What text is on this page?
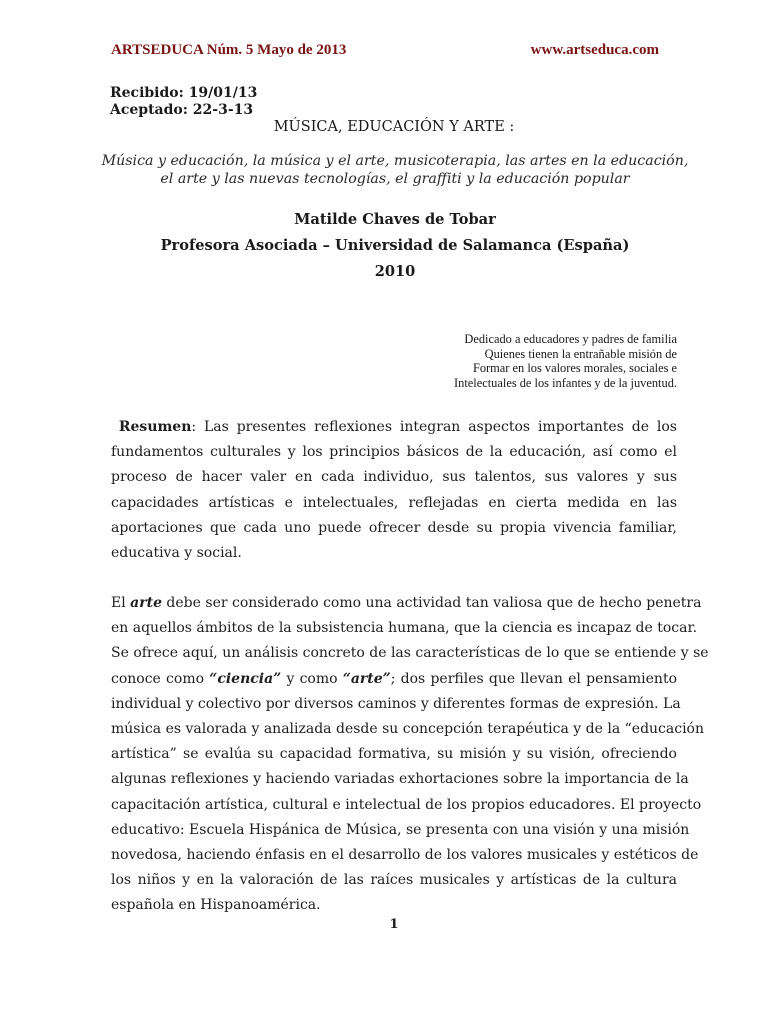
ARTSEDUCA Núm. 5 Mayo de 2013	www.artseduca.com
Recibido: 19/01/13
Aceptado: 22-3-13
MÚSICA, EDUCACIÓN Y ARTE :
Música y educación, la música y el arte, musicoterapia, las artes en la educación,
el arte y las nuevas tecnologías, el graffiti y la educación popular
Matilde Chaves de Tobar
Profesora Asociada – Universidad de Salamanca (España)
2010
Dedicado a educadores y padres de familia
Quienes tienen la entrañable misión de
Formar en los valores morales, sociales e
Intelectuales de los infantes y de la juventud.
Resumen: Las presentes reflexiones integran aspectos importantes de los
fundamentos culturales y los principios básicos de la educación, así como el
proceso de hacer valer en cada individuo, sus talentos, sus valores y sus
capacidades artísticas e intelectuales, reflejadas en cierta medida en las
aportaciones que cada uno puede ofrecer desde su propia vivencia familiar,
educativa y social.
El arte debe ser considerado como una actividad tan valiosa que de hecho penetra
en aquellos ámbitos de la subsistencia humana, que la ciencia es incapaz de tocar.
Se ofrece aquí, un análisis concreto de las características de lo que se entiende y se
conoce como “ciencia” y como “arte”; dos perfiles que llevan el pensamiento
individual y colectivo por diversos caminos y diferentes formas de expresión. La
música es valorada y analizada desde su concepción terapéutica y de la “educación
artística” se evalúa su capacidad formativa, su misión y su visión, ofreciendo
algunas reflexiones y haciendo variadas exhortaciones sobre la importancia de la
capacitación artística, cultural e intelectual de los propios educadores. El proyecto
educativo: Escuela Hispánica de Música, se presenta con una visión y una misión
novedosa, haciendo énfasis en el desarrollo de los valores musicales y estéticos de
los niños y en la valoración de las raíces musicales y artísticas de la cultura
española en Hispanoamérica.
1
